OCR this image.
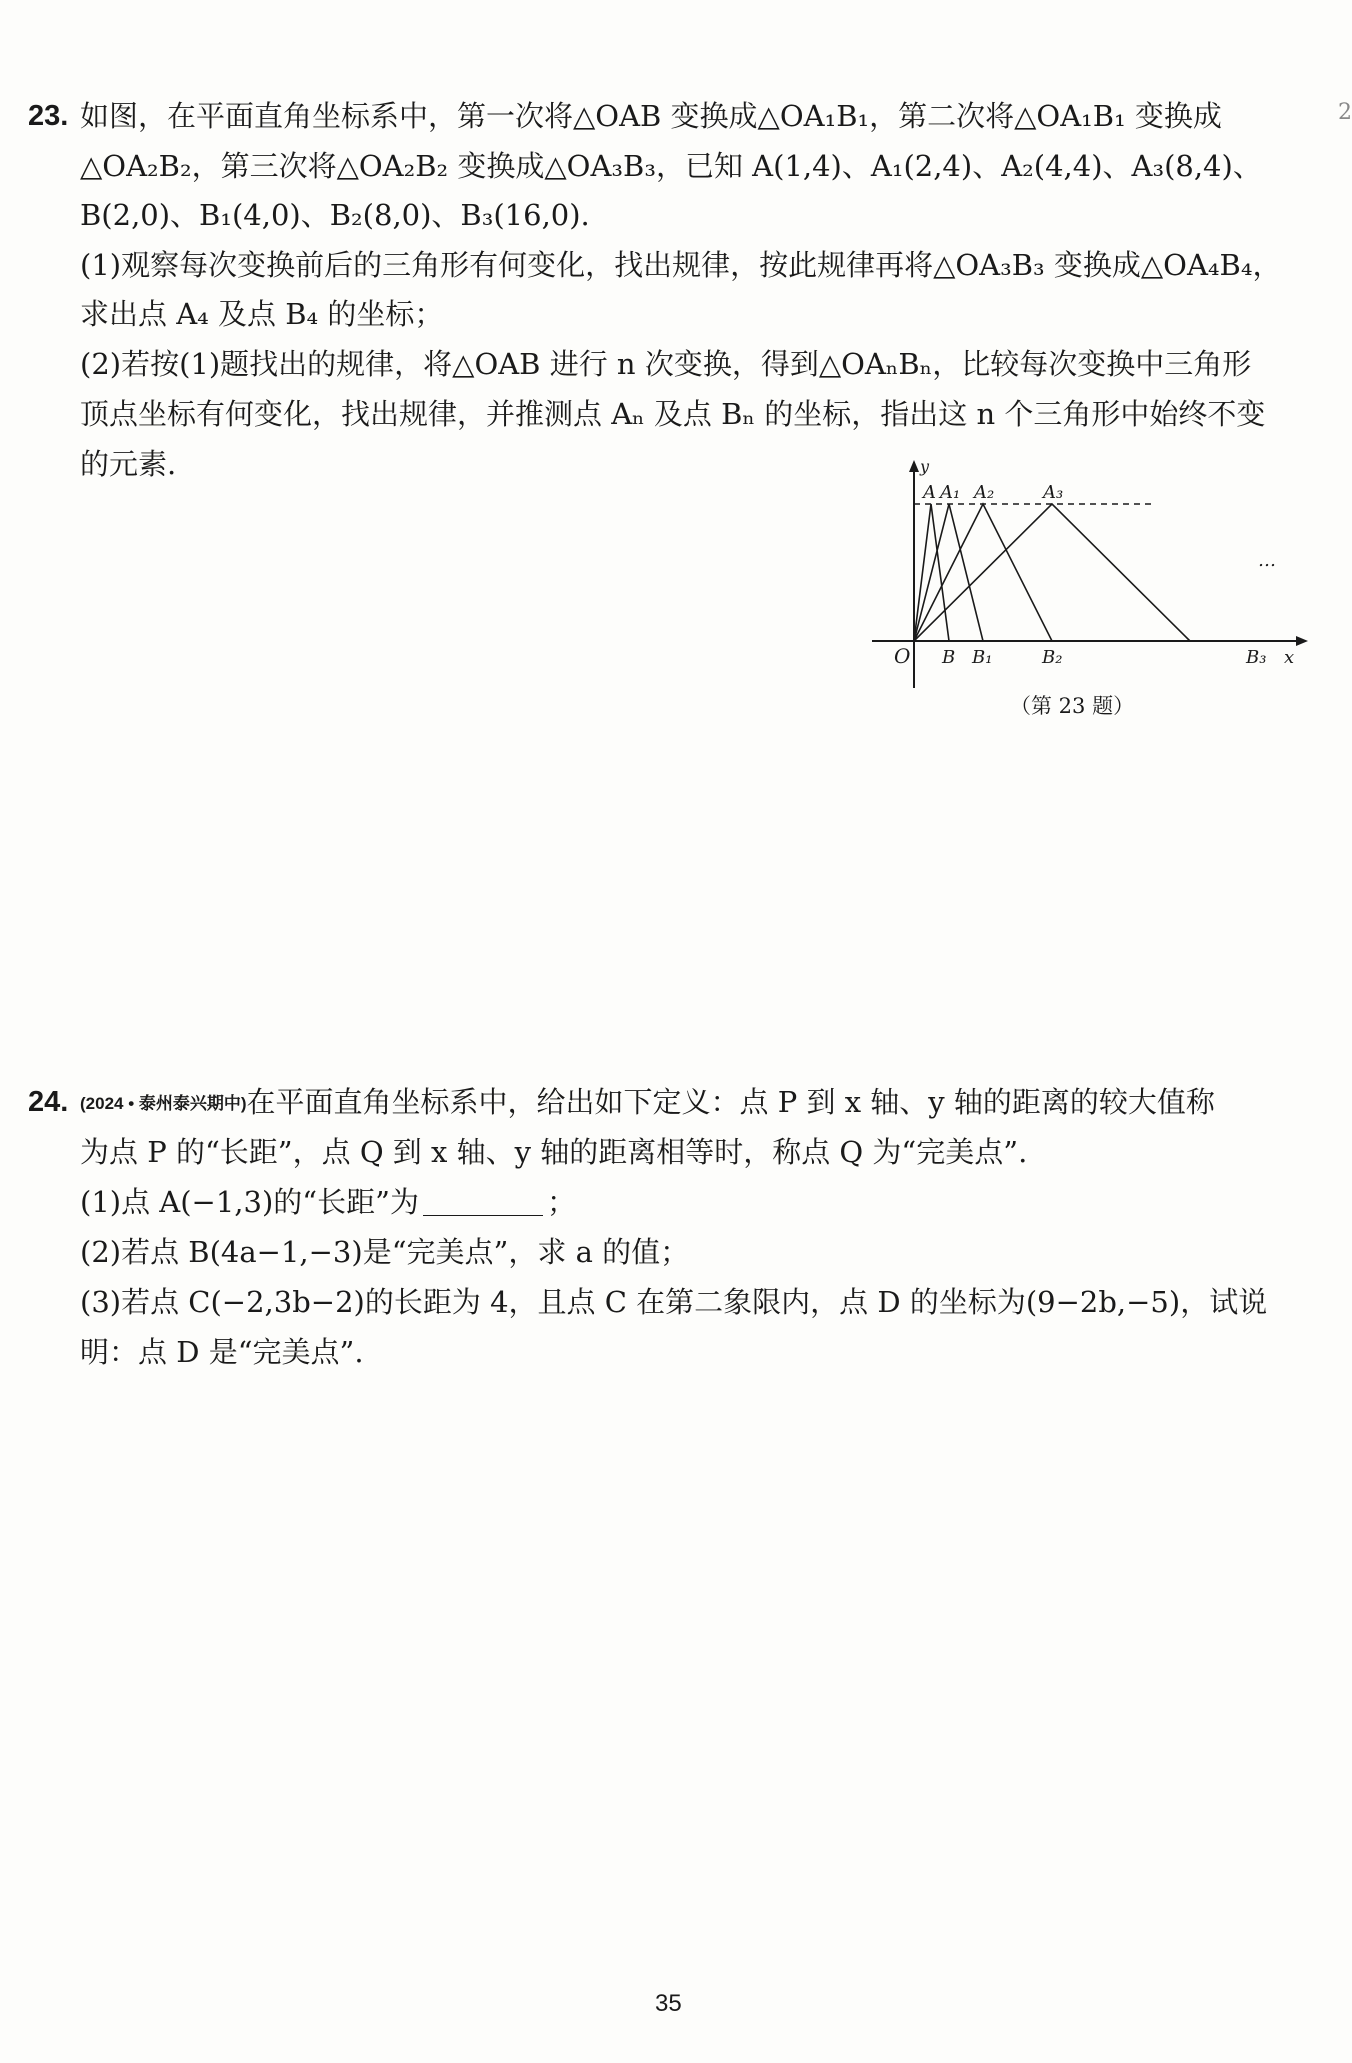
23. 如图，在平面直角坐标系中，第一次将△OAB 变换成△OA₁B₁，第二次将△OA₁B₁ 变换成
△OA₂B₂，第三次将△OA₂B₂ 变换成△OA₃B₃，已知 A(1,4)、A₁(2,4)、A₂(4,4)、A₃(8,4)、
B(2,0)、B₁(4,0)、B₂(8,0)、B₃(16,0).
(1)观察每次变换前后的三角形有何变化，找出规律，按此规律再将△OA₃B₃ 变换成△OA₄B₄，
求出点 A₄ 及点 B₄ 的坐标；
(2)若按(1)题找出的规律，将△OAB 进行 n 次变换，得到△OAₙBₙ，比较每次变换中三角形
顶点坐标有何变化，找出规律，并推测点 Aₙ 及点 Bₙ 的坐标，指出这 n 个三角形中始终不变
的元素.	y
A A₁ A₂	A₃
…
O B B₁	B₂	B₃ x
（第 23 题）
24. (2024 • 泰州泰兴期中)在平面直角坐标系中，给出如下定义：点 P 到 x 轴、y 轴的距离的较大值称
为点 P 的“长距”，点 Q 到 x 轴、y 轴的距离相等时，称点 Q 为“完美点”.
(1)点 A(−1,3)的“长距”为	；
(2)若点 B(4a−1,−3)是“完美点”，求 a 的值；
(3)若点 C(−2,3b−2)的长距为 4，且点 C 在第二象限内，点 D 的坐标为(9−2b,−5)，试说
明：点 D 是“完美点”.
35
2
